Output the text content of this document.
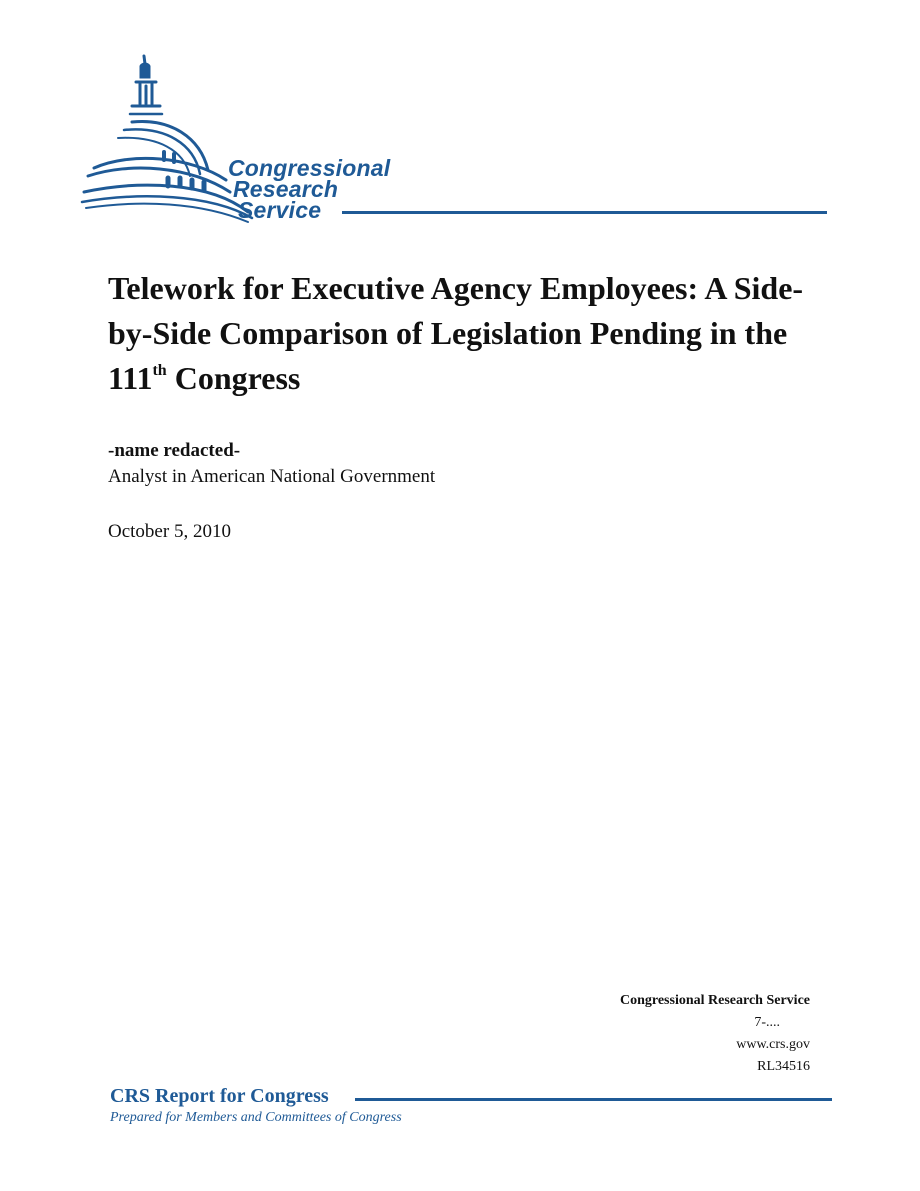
Congressional
Research
Service
Telework for Executive Agency Employees: A Side-by-Side Comparison of Legislation Pending in the 111th Congress
-name redacted-
Analyst in American National Government
October 5, 2010
Congressional Research Service
7-....
www.crs.gov
RL34516
CRS Report for Congress
Prepared for Members and Committees of Congress
